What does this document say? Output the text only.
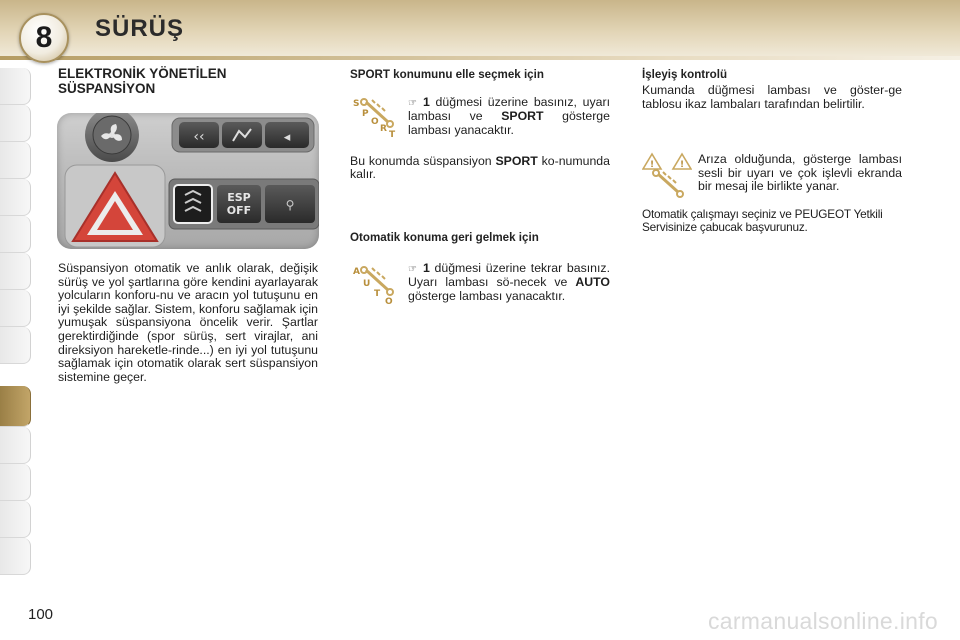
8 SÜRÜŞ
ELEKTRONİK YÖNETİLEN
SÜSPANSİYON
‹‹	◂
ESP
OFF	⚲
Süspansiyon otomatik ve anlık olarak, değişik sürüş ve yol şartlarına göre kendini ayarlayarak yolcuların konforu-nu ve aracın yol tutuşunu en iyi şekilde sağlar. Sistem, konforu sağlamak için yumuşak süspansiyona öncelik verir. Şartlar gerektirdiğinde (spor sürüş, sert virajlar, ani direksiyon hareketle-rinde...) en iyi yol tutuşunu sağlamak için otomatik olarak sert süspansiyon sistemine geçer.
SPORT konumunu elle seçmek için
S
P
O
R
T
☞ 1 düğmesi üzerine basınız, uyarı lambası ve SPORT gösterge lambası yanacaktır.
Bu konumda süspansiyon SPORT ko-numunda kalır.
Otomatik konuma geri gelmek için
A
U
T
O
☞ 1 düğmesi üzerine tekrar basınız. Uyarı lambası sö-necek ve AUTO gösterge lambası yanacaktır.
İşleyiş kontrolü
Kumanda düğmesi lambası ve göster-ge tablosu ikaz lambaları tarafından belirtilir.
!	! Arıza olduğunda, gösterge lambası sesli bir uyarı ve çok işlevli ekranda bir mesaj ile birlikte yanar.
Otomatik çalışmayı seçiniz ve PEUGEOT Yetkili Servisinize çabucak başvurunuz.
100	carmanualsonline.info
